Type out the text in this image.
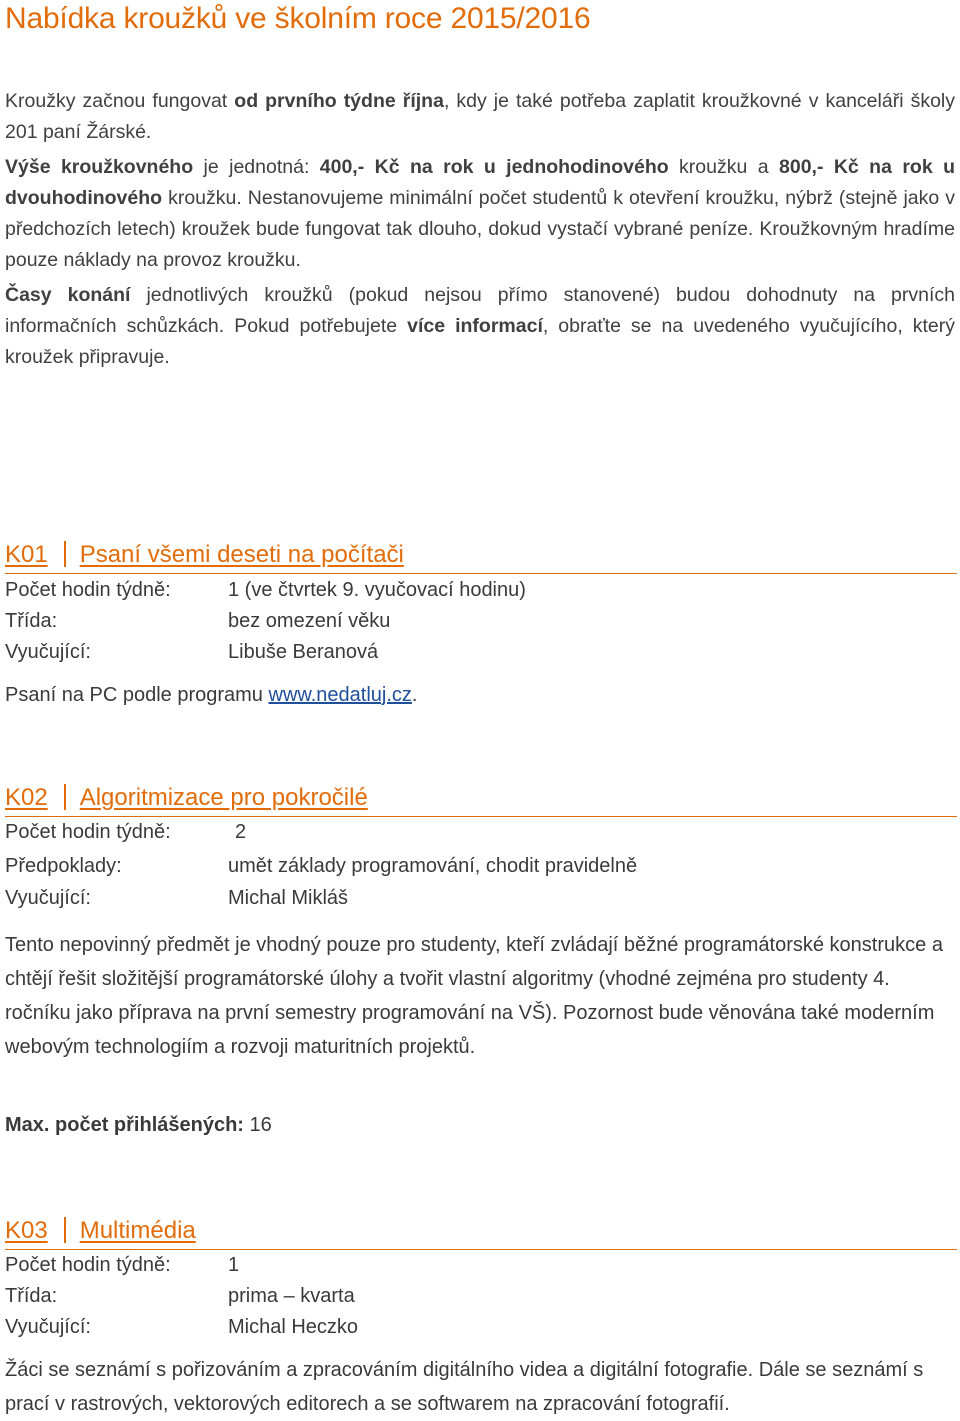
Nabídka kroužků ve školním roce 2015/2016

Kroužky začnou fungovat od prvního týdne října, kdy je také potřeba zaplatit kroužkovné v kanceláři školy 201 paní Žárské.

Výše kroužkovného je jednotná: 400,- Kč na rok u jednohodinového kroužku a 800,- Kč na rok u dvouhodinového kroužku. Nestanovujeme minimální počet studentů k otevření kroužku, nýbrž (stejně jako v předchozích letech) kroužek bude fungovat tak dlouho, dokud vystačí vybrané peníze. Kroužkovným hradíme pouze náklady na provoz kroužku.

Časy konání jednotlivých kroužků (pokud nejsou přímo stanovené) budou dohodnuty na prvních informačních schůzkách. Pokud potřebujete více informací, obraťte se na uvedeného vyučujícího, který kroužek připravuje.

K01 Psaní všemi deseti na počítači
Počet hodin týdně:	1 (ve čtvrtek 9. vyučovací hodinu)
Třída:	bez omezení věku
Vyučující:	Libuše Beranová

Psaní na PC podle programu www.nedatluj.cz.

K02 Algoritmizace pro pokročilé
Počet hodin týdně:	2
Předpoklady:	umět základy programování, chodit pravidelně
Vyučující:	Michal Mikláš

Tento nepovinný předmět je vhodný pouze pro studenty, kteří zvládají běžné programátorské konstrukce a chtějí řešit složitější programátorské úlohy a tvořit vlastní algoritmy (vhodné zejména pro studenty 4. ročníku jako příprava na první semestry programování na VŠ). Pozornost bude věnována také moderním webovým technologiím a rozvoji maturitních projektů.

Max. počet přihlášených: 16
K03 Multimédia
Počet hodin týdně:	1
Třída:	prima – kvarta
Vyučující:	Michal Heczko

Žáci se seznámí s pořizováním a zpracováním digitálního videa a digitální fotografie. Dále se seznámí s prací v rastrových, vektorových editorech a se softwarem na zpracování fotografií.
